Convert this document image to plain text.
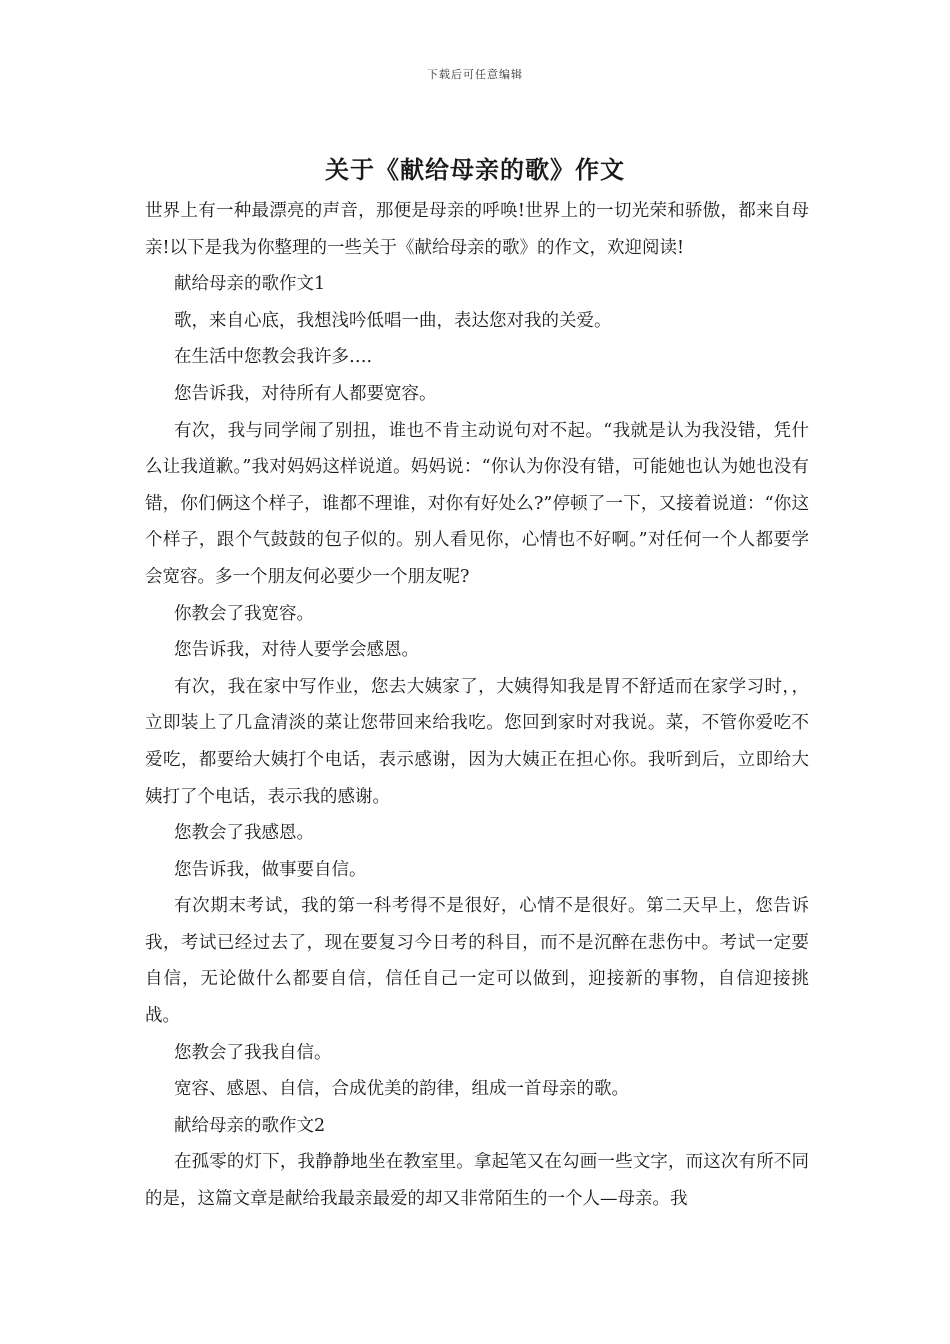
下载后可任意编辑
关于《献给母亲的歌》作文

世界上有一种最漂亮的声音，那便是母亲的呼唤!世界上的一切光荣和骄傲，都来自母亲!以下是我为你整理的一些关于《献给母亲的歌》的作文，欢迎阅读!

献给母亲的歌作文1

歌，来自心底，我想浅吟低唱一曲，表达您对我的关爱。

在生活中您教会我许多….

您告诉我，对待所有人都要宽容。

有次，我与同学闹了别扭，谁也不肯主动说句对不起。“我就是认为我没错，凭什么让我道歉。”我对妈妈这样说道。妈妈说：“你认为你没有错，可能她也认为她也没有错，你们俩这个样子，谁都不理谁，对你有好处么?”停顿了一下，又接着说道：“你这个样子，跟个气鼓鼓的包子似的。别人看见你，心情也不好啊。”对任何一个人都要学会宽容。多一个朋友何必要少一个朋友呢?

你教会了我宽容。

您告诉我，对待人要学会感恩。

有次，我在家中写作业，您去大姨家了，大姨得知我是胃不舒适而在家学习时，，立即装上了几盒清淡的菜让您带回来给我吃。您回到家时对我说。菜，不管你爱吃不爱吃，都要给大姨打个电话，表示感谢，因为大姨正在担心你。我听到后，立即给大姨打了个电话，表示我的感谢。

您教会了我感恩。

您告诉我，做事要自信。

有次期末考试，我的第一科考得不是很好，心情不是很好。第二天早上，您告诉我，考试已经过去了，现在要复习今日考的科目，而不是沉醉在悲伤中。考试一定要自信，无论做什么都要自信，信任自己一定可以做到，迎接新的事物，自信迎接挑战。

您教会了我我自信。

宽容、感恩、自信，合成优美的韵律，组成一首母亲的歌。

献给母亲的歌作文2

在孤零的灯下，我静静地坐在教室里。拿起笔又在勾画一些文字，而这次有所不同的是，这篇文章是献给我最亲最爱的却又非常陌生的一个人—母亲。我
